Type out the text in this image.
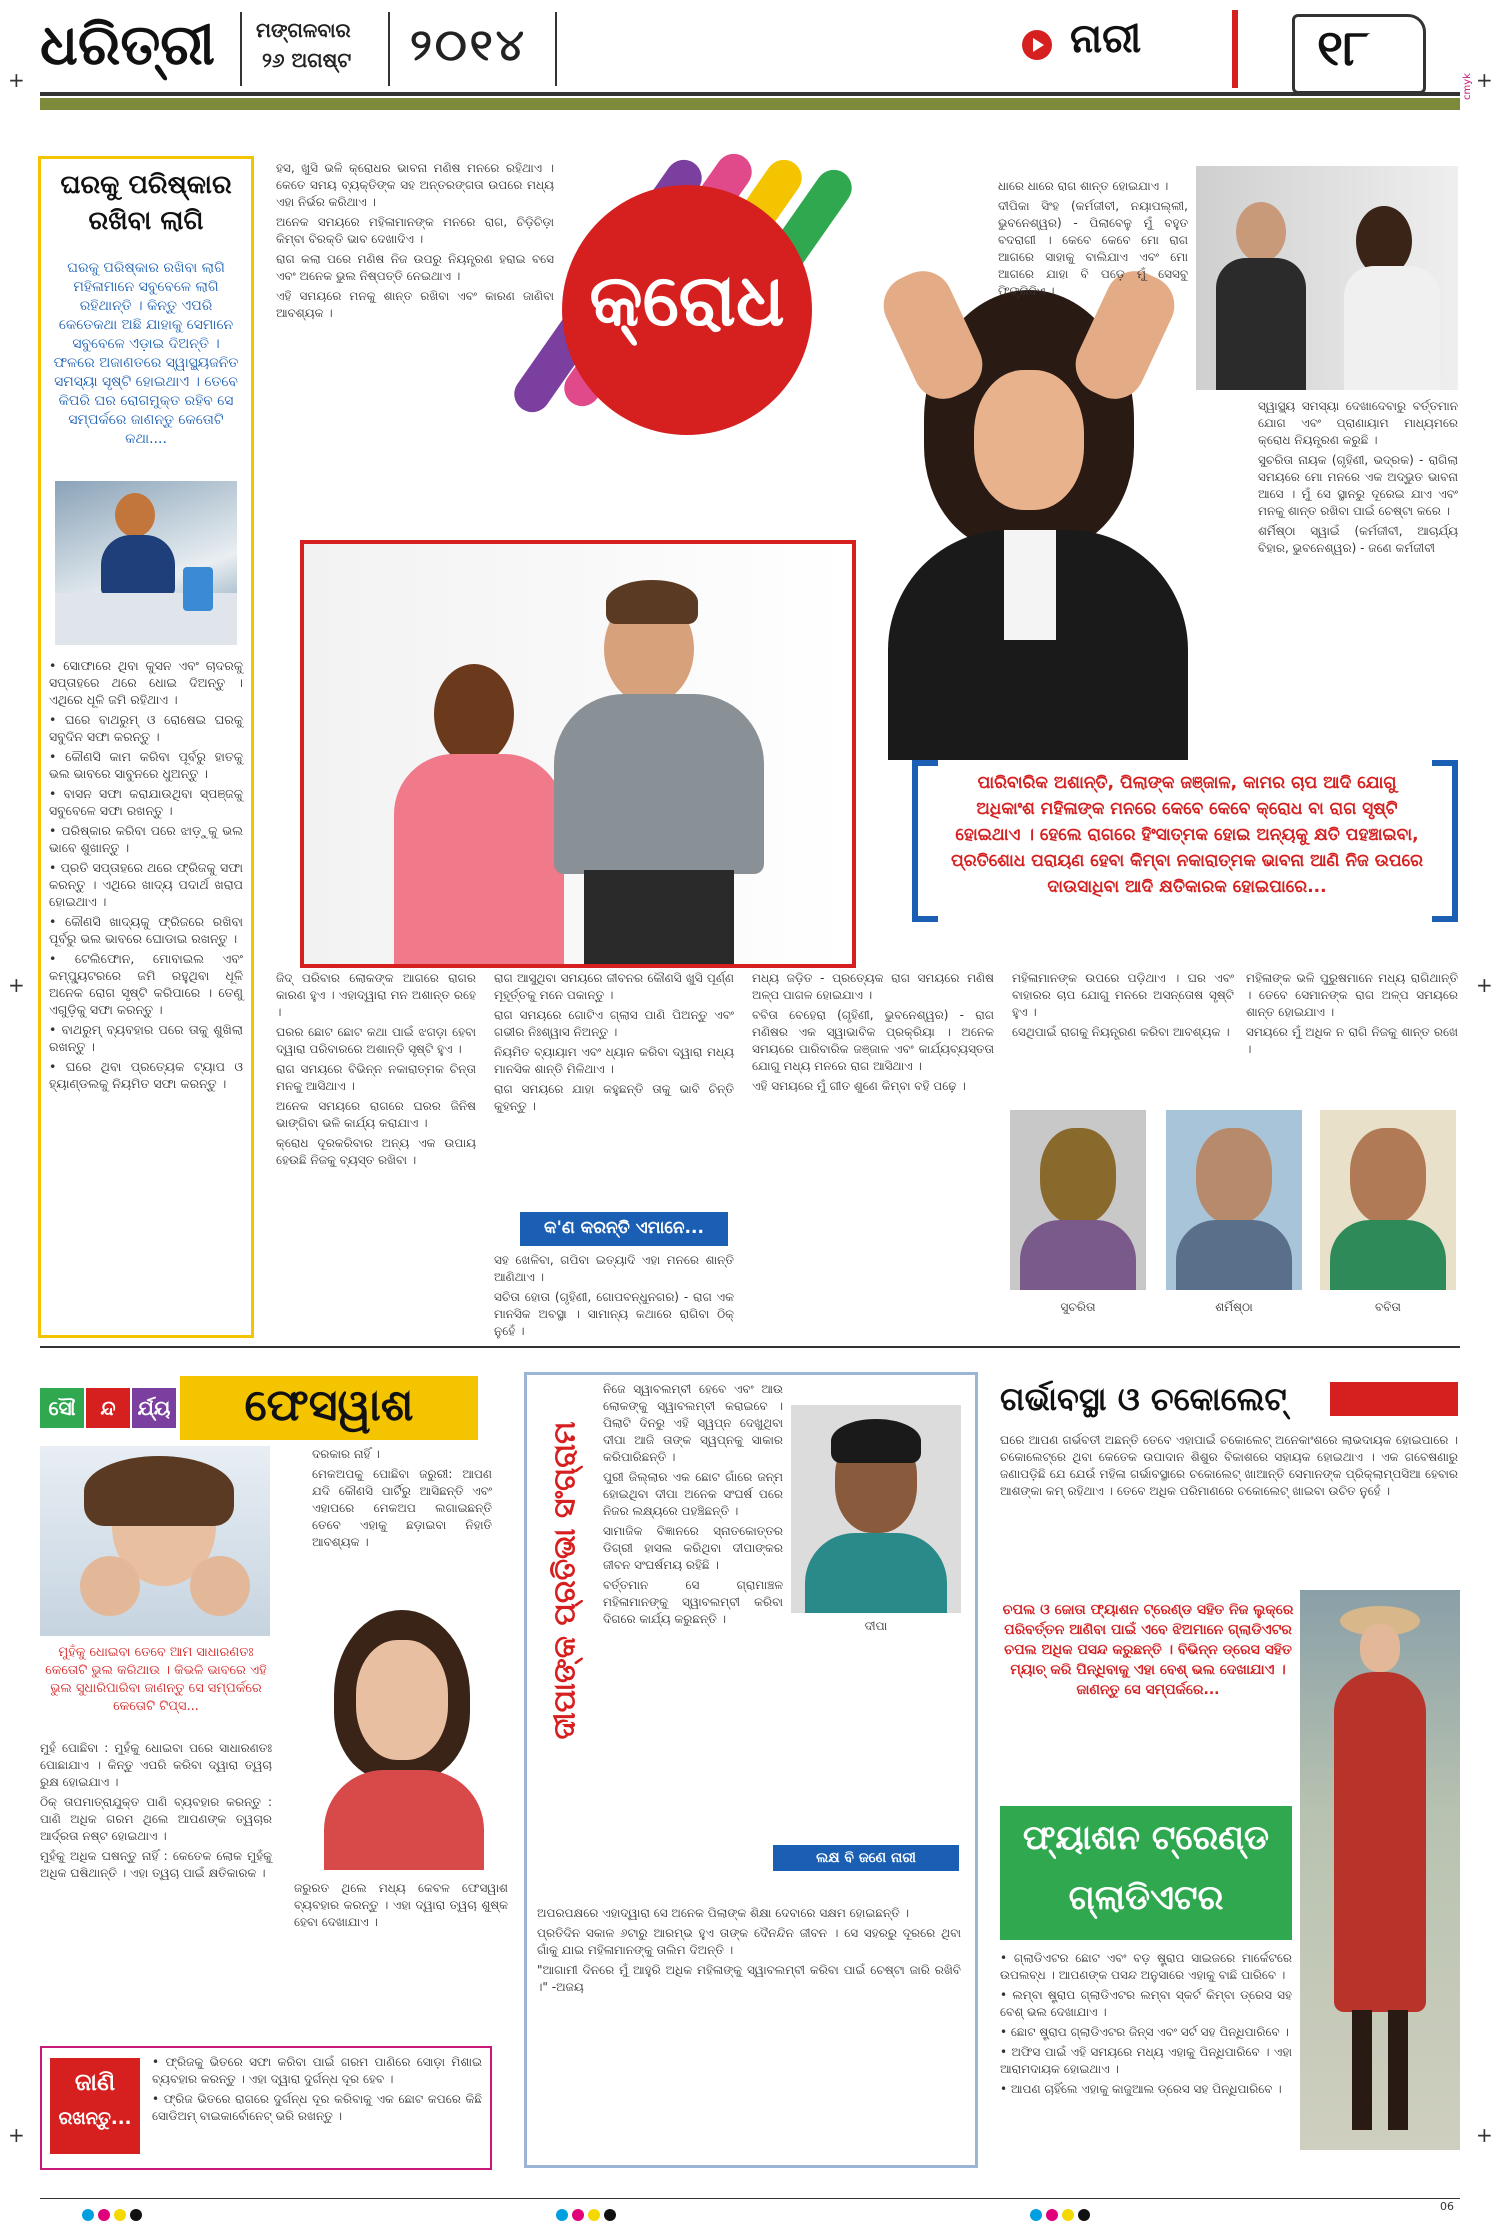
ଧରିତ୍ରୀ ମଙ୍ଗଳବାର
୨୬ ଅଗଷ୍ଟ ୨୦୧୪	ନାରୀ	୧୮
+	+
+	+
+	+
cmyk
ଘରକୁ ପରିଷ୍କାର ରଖିବା ଲାଗି
ଘରକୁ ପରିଷ୍କାର ରଖିବା ଲାଗି ମହିଳାମାନେ ସବୁବେଳେ ଲାଗି ରହିଥାନ୍ତି । କିନ୍ତୁ ଏପରି କେତେକଥା ଅଛି ଯାହାକୁ ସେମାନେ ସବୁବେଳେ ଏଡ଼ାଇ ଦିଅନ୍ତି । ଫଳରେ ଅଜାଣତରେ ସ୍ୱାସ୍ଥ୍ୟଜନିତ ସମସ୍ୟା ସୃଷ୍ଟି ହୋଇଥାଏ । ତେବେ କିପରି ଘର ରୋଗମୁକ୍ତ ରହିବ ସେ ସମ୍ପର୍କରେ ଜାଣନ୍ତୁ କେତୋଟି କଥା....

• ସୋଫାରେ ଥିବା କୁସନ ଏବଂ ଚାଦରକୁ ସପ୍ତାହରେ ଥରେ ଧୋଇ ଦିଅନ୍ତୁ । ଏଥିରେ ଧୂଳି ଜମି ରହିଥାଏ ।

• ଘରେ ବାଥରୁମ୍ ଓ ରୋଷେଇ ଘରକୁ ସବୁଦିନ ସଫା କରନ୍ତୁ ।

• କୌଣସି କାମ କରିବା ପୂର୍ବରୁ ହାତକୁ ଭଲ ଭାବରେ ସାବୁନରେ ଧୁଅନ୍ତୁ ।

• ବାସନ ସଫା କରାଯାଉଥିବା ସ୍ପଞ୍ଜକୁ ସବୁବେଳେ ସଫା ରଖନ୍ତୁ ।

• ପରିଷ୍କାର କରିବା ପରେ ଝାଡ଼ୁକୁ ଭଲ ଭାବେ ଶୁଖାନ୍ତୁ ।

• ପ୍ରତି ସପ୍ତାହରେ ଥରେ ଫ୍ରିଜକୁ ସଫା କରନ୍ତୁ । ଏଥିରେ ଖାଦ୍ୟ ପଦାର୍ଥ ଖରାପ ହୋଇଥାଏ ।

• କୌଣସି ଖାଦ୍ୟକୁ ଫ୍ରିଜରେ ରଖିବା ପୂର୍ବରୁ ଭଲ ଭାବରେ ଘୋଡାଇ ରଖନ୍ତୁ ।

• ଟେଲିଫୋନ, ମୋବାଇଲ ଏବଂ କମ୍ପ୍ୟୁଟରରେ ଜମି ରହୁଥିବା ଧୂଳି ଅନେକ ରୋଗ ସୃଷ୍ଟି କରିପାରେ । ତେଣୁ ଏଗୁଡ଼ିକୁ ସଫା କରନ୍ତୁ ।

• ବାଥରୁମ୍ ବ୍ୟବହାର ପରେ ତାକୁ ଶୁଖିଲା ରଖନ୍ତୁ ।

• ଘରେ ଥିବା ପ୍ରତ୍ୟେକ ଟ୍ୟାପ ଓ ହ୍ୟାଣ୍ଡଲକୁ ନିୟମିତ ସଫା କରନ୍ତୁ ।

ହସ, ଖୁସି ଭଳି କ୍ରୋଧର ଭାବନା ମଣିଷ ମନରେ ରହିଥାଏ । କେତେ ସମୟ ବ୍ୟକ୍ତିଙ୍କ ସହ ଅନ୍ତରଙ୍ଗତା ଉପରେ ମଧ୍ୟ ଏହା ନିର୍ଭର କରିଥାଏ ।

ଅନେକ ସମୟରେ ମହିଳାମାନଙ୍କ ମନରେ ରାଗ, ଚିଡ଼ିଚିଡ଼ା କିମ୍ବା ବିରକ୍ତି ଭାବ ଦେଖାଦିଏ ।

ରାଗ କଲା ପରେ ମଣିଷ ନିଜ ଉପରୁ ନିୟନ୍ତ୍ରଣ ହରାଇ ବସେ ଏବଂ ଅନେକ ଭୁଲ ନିଷ୍ପତ୍ତି ନେଇଥାଏ ।

ଏହି ସମୟରେ ମନକୁ ଶାନ୍ତ ରଖିବା ଏବଂ କାରଣ ଜାଣିବା ଆବଶ୍ୟକ ।	କ୍ରୋଧ

ଧାରେ ଧାରେ ରାଗ ଶାନ୍ତ ହୋଇଯାଏ ।

ଦୀପିକା ସିଂହ (କର୍ମଜୀବୀ, ନୟାପଲ୍ଲୀ, ଭୁବନେଶ୍ୱର) - ପିଲାବେଳୁ ମୁଁ ବହୁତ ବଦରାଗୀ । କେବେ କେବେ ମୋ ରାଗ ଆଗରେ ସାହାକୁ ବାଲିଯାଏ ଏବଂ ମୋ ଆଗରେ ଯାହା ବି ପଡ଼େ ମୁଁ ସେସବୁ ଫିଙ୍ଗିଦିଏ ।

ସ୍ୱାସ୍ଥ୍ୟ ସମସ୍ୟା ଦେଖାଦେବାରୁ ବର୍ତ୍ତମାନ ଯୋଗ ଏବଂ ପ୍ରାଣାୟାମ ମାଧ୍ୟମରେ କ୍ରୋଧ ନିୟନ୍ତ୍ରଣ କରୁଛି ।

ସୁଚରିତା ନାୟକ (ଗୃହିଣୀ, ଭଦ୍ରକ) - ରାଗିଲା ସମୟରେ ମୋ ମନରେ ଏକ ଅଦ୍ଭୁତ ଭାବନା ଆସେ । ମୁଁ ସେ ସ୍ଥାନରୁ ଦୂରେଇ ଯାଏ ଏବଂ ମନକୁ ଶାନ୍ତ ରଖିବା ପାଇଁ ଚେଷ୍ଟା କରେ ।

ଶର୍ମିଷ୍ଠା ସ୍ୱାଇଁ (କର୍ମଜୀବୀ, ଆଚାର୍ଯ୍ୟ ବିହାର, ଭୁବନେଶ୍ୱର) - ଜଣେ କର୍ମଜୀବୀ

ପାରିବାରିକ ଅଶାନ୍ତି, ପିଲାଙ୍କ ଜଞ୍ଜାଳ, କାମର ଚାପ ଆଦି ଯୋଗୁ ଅଧିକାଂଶ ମହିଳାଙ୍କ ମନରେ କେବେ କେବେ କ୍ରୋଧ ବା ରାଗ ସୃଷ୍ଟି ହୋଇଥାଏ । ହେଲେ ରାଗରେ ହିଂସାତ୍ମକ ହୋଇ ଅନ୍ୟକୁ କ୍ଷତି ପହଞ୍ଚାଇବା, ପ୍ରତିଶୋଧ ପରାୟଣ ହେବା କିମ୍ବା ନକାରାତ୍ମକ ଭାବନା ଆଣି ନିଜ ଉପରେ ଦାଉସାଧିବା ଆଦି କ୍ଷତିକାରକ ହୋଇପାରେ...

ଜିଦ୍ ପରିବାର ଲୋକଙ୍କ ଆଗରେ ରାଗର କାରଣ ହୁଏ । ଏହାଦ୍ୱାରା ମନ ଅଶାନ୍ତ ରହେ ।

ଘରର ଛୋଟ ଛୋଟ କଥା ପାଇଁ ଝଗଡ଼ା ହେବା ଦ୍ୱାରା ପରିବାରରେ ଅଶାନ୍ତି ସୃଷ୍ଟି ହୁଏ ।

ରାଗ ସମୟରେ ବିଭିନ୍ନ ନକାରାତ୍ମକ ଚିନ୍ତା ମନକୁ ଆସିଥାଏ ।

ଅନେକ ସମୟରେ ରାଗରେ ଘରର ଜିନିଷ ଭାଙ୍ଗିବା ଭଳି କାର୍ଯ୍ୟ କରାଯାଏ ।

କ୍ରୋଧ ଦୂରକରିବାର ଅନ୍ୟ ଏକ ଉପାୟ ହେଉଛି ନିଜକୁ ବ୍ୟସ୍ତ ରଖିବା ।

ରାଗ ଆସୁଥିବା ସମୟରେ ଜୀବନର କୌଣସି ଖୁସି ପୂର୍ଣ୍ଣ ମୂହୂର୍ତ୍ତକୁ ମନେ ପକାନ୍ତୁ ।

ରାଗ ସମୟରେ ଗୋଟିଏ ଗ୍ଲାସ ପାଣି ପିଅନ୍ତୁ ଏବଂ ଗଭୀର ନିଃଶ୍ୱାସ ନିଅନ୍ତୁ ।

ନିୟମିତ ବ୍ୟାୟାମ ଏବଂ ଧ୍ୟାନ କରିବା ଦ୍ୱାରା ମଧ୍ୟ ମାନସିକ ଶାନ୍ତି ମିଳିଥାଏ ।

ରାଗ ସମୟରେ ଯାହା କହୁଛନ୍ତି ତାକୁ ଭାବି ଚିନ୍ତି କୁହନ୍ତୁ ।

କ'ଣ କରନ୍ତି ଏମାନେ...

ସହ ଖେଳିବା, ଗପିବା ଇତ୍ୟାଦି ଏହା ମନରେ ଶାନ୍ତି ଆଣିଥାଏ ।

ସଚିତା ହୋତା (ଗୃହିଣୀ, ଗୋପବନ୍ଧୁନଗର) - ରାଗ ଏକ ମାନସିକ ଅବସ୍ଥା । ସାମାନ୍ୟ କଥାରେ ରାଗିବା ଠିକ୍ ନୁହେଁ ।

ମଧ୍ୟ ଜଡ଼ିତ - ପ୍ରତ୍ୟେକ ରାଗ ସମୟରେ ମଣିଷ ଅଳ୍ପ ପାଗଳ ହୋଇଯାଏ ।

ବବିତା ବେହେରା (ଗୃହିଣୀ, ଭୁବନେଶ୍ୱର) - ରାଗ ମଣିଷର ଏକ ସ୍ୱାଭାବିକ ପ୍ରକ୍ରିୟା । ଅନେକ ସମୟରେ ପାରିବାରିକ ଜଞ୍ଜାଳ ଏବଂ କାର୍ଯ୍ୟବ୍ୟସ୍ତତା ଯୋଗୁ ମଧ୍ୟ ମନରେ ରାଗ ଆସିଥାଏ ।

ଏହି ସମୟରେ ମୁଁ ଗୀତ ଶୁଣେ କିମ୍ବା ବହି ପଢ଼େ ।

ମହିଳାମାନଙ୍କ ଉପରେ ପଡ଼ିଥାଏ । ଘର ଏବଂ ବାହାରର ଚାପ ଯୋଗୁ ମନରେ ଅସନ୍ତୋଷ ସୃଷ୍ଟି ହୁଏ ।

ସେଥିପାଇଁ ରାଗକୁ ନିୟନ୍ତ୍ରଣ କରିବା ଆବଶ୍ୟକ ।

ମହିଳାଙ୍କ ଭଳି ପୁରୁଷମାନେ ମଧ୍ୟ ରାଗିଥାନ୍ତି । ତେବେ ସେମାନଙ୍କ ରାଗ ଅଳ୍ପ ସମୟରେ ଶାନ୍ତ ହୋଇଯାଏ ।

ସମୟରେ ମୁଁ ଅଧିକ ନ ରାଗି ନିଜକୁ ଶାନ୍ତ ରଖେ ।

ସୁଚରିତା	ଶର୍ମିଷ୍ଠା	ବବିତା
ସୌ	ନ୍ଦ	ର୍ଯ୍ୟ	ଫେସୱାଶ

ଦରକାର ନାହିଁ ।

ମେକଅପକୁ ପୋଛିବା ଜରୁରୀ: ଆପଣ ଯଦି କୌଣସି ପାର୍ଟିରୁ ଆସିଛନ୍ତି ଏବଂ ଏହାପରେ ମେକଅପ ଲଗାଇଛନ୍ତି ତେବେ ଏହାକୁ ଛଡ଼ାଇବା ନିହାତି ଆବଶ୍ୟକ ।

ମୁହଁକୁ ଧୋଇବା ତେବେ ଆମ ସାଧାରଣତଃ କେତୋଟି ଭୁଲ କରିଥାଉ । କିଭଳି ଭାବରେ ଏହି ଭୁଲ ସୁଧାରିପାରିବା ଜାଣନ୍ତୁ ସେ ସମ୍ପର୍କରେ କେତୋଟି ଟିପ୍ସ...

ମୁହଁ ପୋଛିବା : ମୁହଁକୁ ଧୋଇବା ପରେ ସାଧାରଣତଃ ପୋଛାଯାଏ । କିନ୍ତୁ ଏପରି କରିବା ଦ୍ୱାରା ତ୍ୱଚା ରୁକ୍ଷ ହୋଇଯାଏ ।

ଠିକ୍ ତାପମାତ୍ରାଯୁକ୍ତ ପାଣି ବ୍ୟବହାର କରନ୍ତୁ : ପାଣି ଅଧିକ ଗରମ ଥିଲେ ଆପଣଙ୍କ ତ୍ୱଚାର ଆର୍ଦ୍ରତା ନଷ୍ଟ ହୋଇଥାଏ ।

ମୁହଁକୁ ଅଧିକ ଘଷନ୍ତୁ ନାହିଁ : କେତେକ ଲୋକ ମୁହଁକୁ ଅଧିକ ଘଷିଥାନ୍ତି । ଏହା ତ୍ୱଚା ପାଇଁ କ୍ଷତିକାରକ ।

ଜରୁରତ ଥିଲେ ମଧ୍ୟ କେବଳ ଫେସୱାଶ ବ୍ୟବହାର କରନ୍ତୁ । ଏହା ଦ୍ୱାରା ତ୍ୱଚା ଶୁଷ୍କ ହେବା ଦେଖାଯାଏ ।

ଜାଣି
ରଖନ୍ତୁ...

• ଫ୍ରିଜକୁ ଭିତରେ ସଫା କରିବା ପାଇଁ ଗରମ ପାଣିରେ ସୋଡ଼ା ମିଶାଇ ବ୍ୟବହାର କରନ୍ତୁ । ଏହା ଦ୍ୱାରା ଦୁର୍ଗନ୍ଧ ଦୂର ହେବ ।

• ଫ୍ରିଜ ଭିତରେ ରାଗରେ ଦୁର୍ଗନ୍ଧ ଦୂର କରିବାକୁ ଏକ ଛୋଟ କପରେ କିଛି ସୋଡିଅମ୍ ବାଇକାର୍ବୋନେଟ୍ ଭରି ରଖନ୍ତୁ ।

ଦୀପାଙ୍କ ପ୍ରତିଭା ସଂଗ୍ରାମ

ନିଜେ ସ୍ୱାବଲମ୍ବୀ ହେବେ ଏବଂ ଆଉ ଲୋକଙ୍କୁ ସ୍ୱାବଲମ୍ବୀ କରାଇବେ । ପିଲାଟି ଦିନରୁ ଏହି ସ୍ୱପ୍ନ ଦେଖୁଥିବା ଦୀପା ଆଜି ତାଙ୍କ ସ୍ୱପ୍ନକୁ ସାକାର କରିପାରିଛନ୍ତି ।

ପୁରୀ ଜିଲ୍ଲାର ଏକ ଛୋଟ ଗାଁରେ ଜନ୍ମ ହୋଇଥିବା ଦୀପା ଅନେକ ସଂଘର୍ଷ ପରେ ନିଜର ଲକ୍ଷ୍ୟରେ ପହଞ୍ଚିଛନ୍ତି ।

ସାମାଜିକ ବିଜ୍ଞାନରେ ସ୍ନାତକୋତ୍ତର ଡିଗ୍ରୀ ହାସଲ କରିଥିବା ଦୀପାଙ୍କର ଜୀବନ ସଂଘର୍ଷମୟ ରହିଛି ।

ବର୍ତ୍ତମାନ ସେ ଗ୍ରାମାଞ୍ଚଳ ମହିଳାମାନଙ୍କୁ ସ୍ୱାବଲମ୍ବୀ କରିବା ଦିଗରେ କାର୍ଯ୍ୟ କରୁଛନ୍ତି ।	ଦୀପା
ଲକ୍ଷ ବି ଜଣେ ନାରୀ

ଅପରପକ୍ଷରେ ଏହାଦ୍ୱାରା ସେ ଅନେକ ପିଲାଙ୍କ ଶିକ୍ଷା ଦେବାରେ ସକ୍ଷମ ହୋଇଛନ୍ତି ।

ପ୍ରତିଦିନ ସକାଳ ୬ଟାରୁ ଆରମ୍ଭ ହୁଏ ତାଙ୍କ ଦୈନନ୍ଦିନ ଜୀବନ । ସେ ସହରରୁ ଦୂରରେ ଥିବା ଗାଁକୁ ଯାଇ ମହିଳାମାନଙ୍କୁ ତାଲିମ ଦିଅନ୍ତି ।

"ଆଗାମୀ ଦିନରେ ମୁଁ ଆହୁରି ଅଧିକ ମହିଳାଙ୍କୁ ସ୍ୱାବଲମ୍ବୀ କରିବା ପାଇଁ ଚେଷ୍ଟା ଜାରି ରଖିବି ।" -ଅଜୟ

ଗର୍ଭାବସ୍ଥା ଓ ଚକୋଲେଟ୍
ଘରେ ଆପଣ ଗର୍ଭବତୀ ଅଛନ୍ତି ତେବେ ଏହାପାଇଁ ଚକୋଲେଟ୍ ଅନେକାଂଶରେ ଲାଭଦାୟକ ହୋଇପାରେ । ଚକୋଲେଟ୍‌ରେ ଥିବା କେତେକ ଉପାଦାନ ଶିଶୁର ବିକାଶରେ ସହାୟକ ହୋଇଥାଏ । ଏକ ଗବେଷଣାରୁ ଜଣାପଡ଼ିଛି ଯେ ଯେଉଁ ମହିଳା ଗର୍ଭାବସ୍ଥାରେ ଚକୋଲେଟ୍ ଖାଆନ୍ତି ସେମାନଙ୍କ ପ୍ରିକ୍ଲାମ୍ପସିଆ ହେବାର ଆଶଙ୍କା କମ୍ ରହିଥାଏ । ତେବେ ଅଧିକ ପରିମାଣରେ ଚକୋଲେଟ୍ ଖାଇବା ଉଚିତ ନୁହେଁ ।
ଚପଲ ଓ ଜୋତା ଫ୍ୟାଶନ ଟ୍ରେଣ୍ଡ ସହିତ ନିଜ ଲୁକ୍‌ରେ ପରିବର୍ତ୍ତନ ଆଣିବା ପାଇଁ ଏବେ ଝିଅମାନେ ଗ୍ଲାଡିଏଟର ଚପଲ ଅଧିକ ପସନ୍ଦ କରୁଛନ୍ତି । ବିଭିନ୍ନ ଡ୍ରେସ ସହିତ ମ୍ୟାଚ୍ କରି ପିନ୍ଧିବାକୁ ଏହା ବେଶ୍ ଭଲ ଦେଖାଯାଏ । ଜାଣନ୍ତୁ ସେ ସମ୍ପର୍କରେ...
ଫ୍ୟାଶନ ଟ୍ରେଣ୍ଡ
ଗ୍ଲାଡିଏଟର

• ଗ୍ଲାଡିଏଟର ଛୋଟ ଏବଂ ବଡ଼ ଷ୍ଟ୍ରାପ ସାଇଜରେ ମାର୍କେଟରେ ଉପଲବ୍ଧ । ଆପଣଙ୍କ ପସନ୍ଦ ଅନୁସାରେ ଏହାକୁ ବାଛି ପାରିବେ ।

• ଲମ୍ବା ଷ୍ଟ୍ରାପ ଗ୍ଲାଡିଏଟର ଲମ୍ବା ସ୍କର୍ଟ କିମ୍ବା ଡ୍ରେସ ସହ ବେଶ୍ ଭଲ ଦେଖାଯାଏ ।

• ଛୋଟ ଷ୍ଟ୍ରାପ ଗ୍ଲାଡିଏଟର ଜିନ୍ସ ଏବଂ ସର୍ଟ ସହ ପିନ୍ଧିପାରିବେ ।

• ଅଫିସ ପାଇଁ ଏହି ସମୟରେ ମଧ୍ୟ ଏହାକୁ ପିନ୍ଧିପାରିବେ । ଏହା ଆରାମଦାୟକ ହୋଇଥାଏ ।

• ଆପଣ ଚାହିଁଲେ ଏହାକୁ କାଜୁଆଲ ଡ୍ରେସ ସହ ପିନ୍ଧିପାରିବେ ।

06
